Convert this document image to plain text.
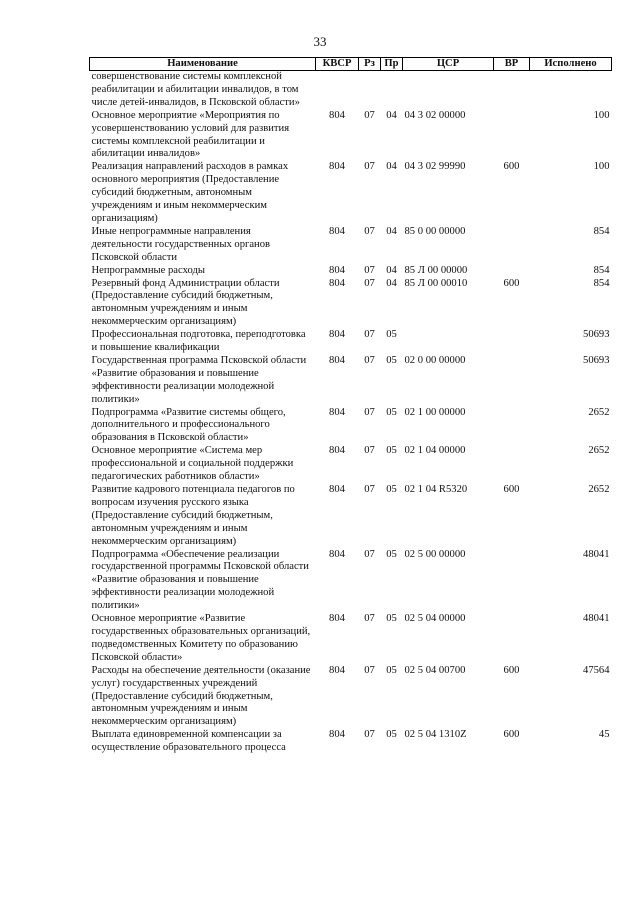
33
Наименование	КВСР	Рз	Пр	ЦСР	ВР	Исполнено
совершенствование системы комплексной реабилитации и абилитации инвалидов, в том числе детей-инвалидов, в Псковской области»						
Основное мероприятие «Мероприятия по усовершенствованию условий для развития системы комплексной реабилитации и абилитации инвалидов»	804	07	04	04 3 02 00000		100
Реализация направлений расходов в рамках основного мероприятия (Предоставление субсидий бюджетным, автономным учреждениям и иным некоммерческим организациям)	804	07	04	04 3 02 99990	600	100
Иные непрограммные направления деятельности государственных органов Псковской области	804	07	04	85 0 00 00000		854
Непрограммные расходы	804	07	04	85 Л 00 00000		854
Резервный фонд Администрации области (Предоставление субсидий бюджетным, автономным учреждениям и иным некоммерческим организациям)	804	07	04	85 Л 00 00010	600	854
Профессиональная подготовка, переподготовка и повышение квалификации	804	07	05			50693
Государственная программа Псковской области «Развитие образования и повышение эффективности реализации молодежной политики»	804	07	05	02 0 00 00000		50693
Подпрограмма «Развитие системы общего, дополнительного и профессионального образования в Псковской области»	804	07	05	02 1 00 00000		2652
Основное мероприятие «Система мер профессиональной и социальной поддержки педагогических работников области»	804	07	05	02 1 04 00000		2652
Развитие кадрового потенциала педагогов по вопросам изучения русского языка (Предоставление субсидий бюджетным, автономным учреждениям и иным некоммерческим организациям)	804	07	05	02 1 04 R5320	600	2652
Подпрограмма «Обеспечение реализации государственной программы Псковской области «Развитие образования и повышение эффективности реализации молодежной политики»	804	07	05	02 5 00 00000		48041
Основное мероприятие «Развитие государственных образовательных организаций, подведомственных Комитету по образованию Псковской области»	804	07	05	02 5 04 00000		48041
Расходы на обеспечение деятельности (оказание услуг) государственных учреждений (Предоставление субсидий бюджетным, автономным учреждениям и иным некоммерческим организациям)	804	07	05	02 5 04 00700	600	47564
Выплата единовременной компенсации за осуществление образовательного процесса	804	07	05	02 5 04 1310Z	600	45
